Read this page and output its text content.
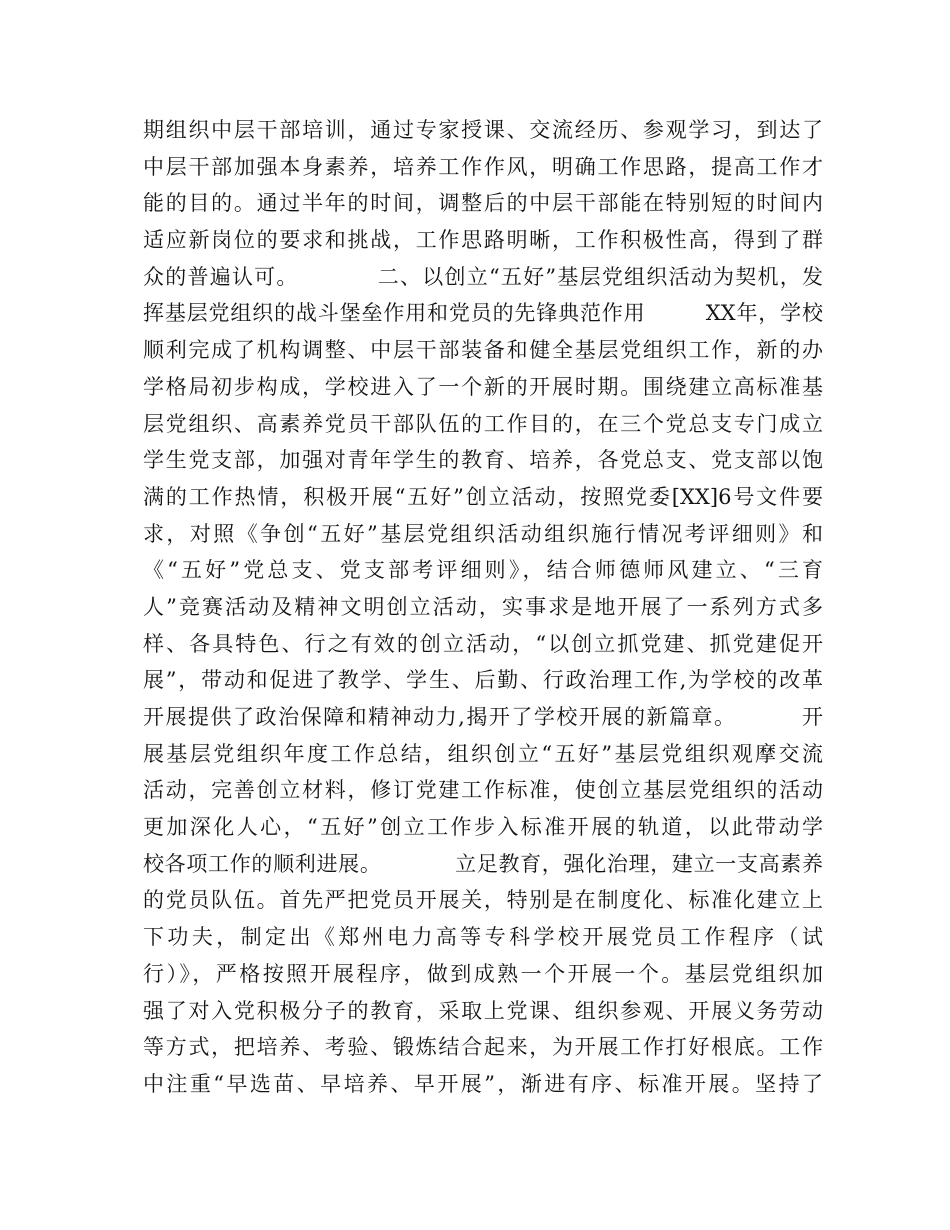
期组织中层干部培训，通过专家授课、交流经历、参观学习，到达了
中层干部加强本身素养，培养工作作风，明确工作思路，提高工作才
能的目的。通过半年的时间，调整后的中层干部能在特别短的时间内
适应新岗位的要求和挑战，工作思路明晰，工作积极性高，得到了群
众的普遍认可。          二、以创立“五好”基层党组织活动为契机，发
挥基层党组织的战斗堡垒作用和党员的先锋典范作用        XX年，学校
顺利完成了机构调整、中层干部装备和健全基层党组织工作，新的办
学格局初步构成，学校进入了一个新的开展时期。围绕建立高标准基
层党组织、高素养党员干部队伍的工作目的，在三个党总支专门成立
学生党支部，加强对青年学生的教育、培养，各党总支、党支部以饱
满的工作热情，积极开展“五好”创立活动，按照党委[XX]6号文件要
求，对照《争创“五好”基层党组织活动组织施行情况考评细则》和
《“五好”党总支、党支部考评细则》，结合师德师风建立、“三育
人”竞赛活动及精神文明创立活动，实事求是地开展了一系列方式多
样、各具特色、行之有效的创立活动，“以创立抓党建、抓党建促开
展”，带动和促进了教学、学生、后勤、行政治理工作,为学校的改革
开展提供了政治保障和精神动力,揭开了学校开展的新篇章。        开
展基层党组织年度工作总结，组织创立“五好”基层党组织观摩交流
活动，完善创立材料，修订党建工作标准，使创立基层党组织的活动
更加深化人心，“五好”创立工作步入标准开展的轨道，以此带动学
校各项工作的顺利进展。          立足教育，强化治理，建立一支高素养
的党员队伍。首先严把党员开展关，特别是在制度化、标准化建立上
下功夫，制定出《郑州电力高等专科学校开展党员工作程序（试
行）》，严格按照开展程序，做到成熟一个开展一个。基层党组织加
强了对入党积极分子的教育，采取上党课、组织参观、开展义务劳动
等方式，把培养、考验、锻炼结合起来，为开展工作打好根底。工作
中注重“早选苗、早培养、早开展”，渐进有序、标准开展。坚持了
